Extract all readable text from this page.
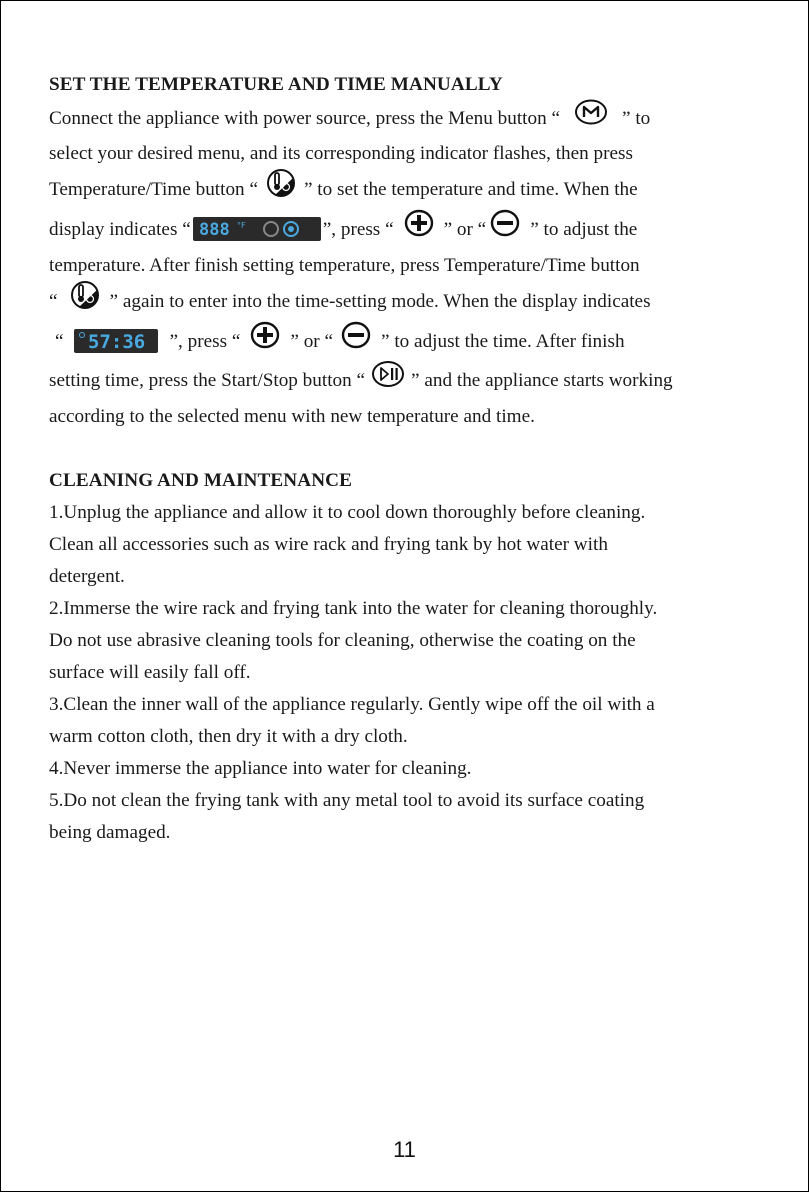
SET THE TEMPERATURE AND TIME MANUALLY
Connect the appliance with power source, press the Menu button “	” to
select your desired menu, and its corresponding indicator flashes, then press
Temperature/Time button “ ” to set the temperature and time. When the
display indicates “ 888 °F	”, press “	” or “ ” to adjust the
temperature. After finish setting temperature, press Temperature/Time button
“	” again to enter into the time-setting mode. When the display indicates
“ 57:36 ”, press “	” or “	” to adjust the time. After finish
setting time, press the Start/Stop button “ ” and the appliance starts working
according to the selected menu with new temperature and time.
CLEANING AND MAINTENANCE
1.Unplug the appliance and allow it to cool down thoroughly before cleaning.
Clean all accessories such as wire rack and frying tank by hot water with
detergent.
2.Immerse the wire rack and frying tank into the water for cleaning thoroughly.
Do not use abrasive cleaning tools for cleaning, otherwise the coating on the
surface will easily fall off.
3.Clean the inner wall of the appliance regularly. Gently wipe off the oil with a
warm cotton cloth, then dry it with a dry cloth.
4.Never immerse the appliance into water for cleaning.
5.Do not clean the frying tank with any metal tool to avoid its surface coating
being damaged.
11
